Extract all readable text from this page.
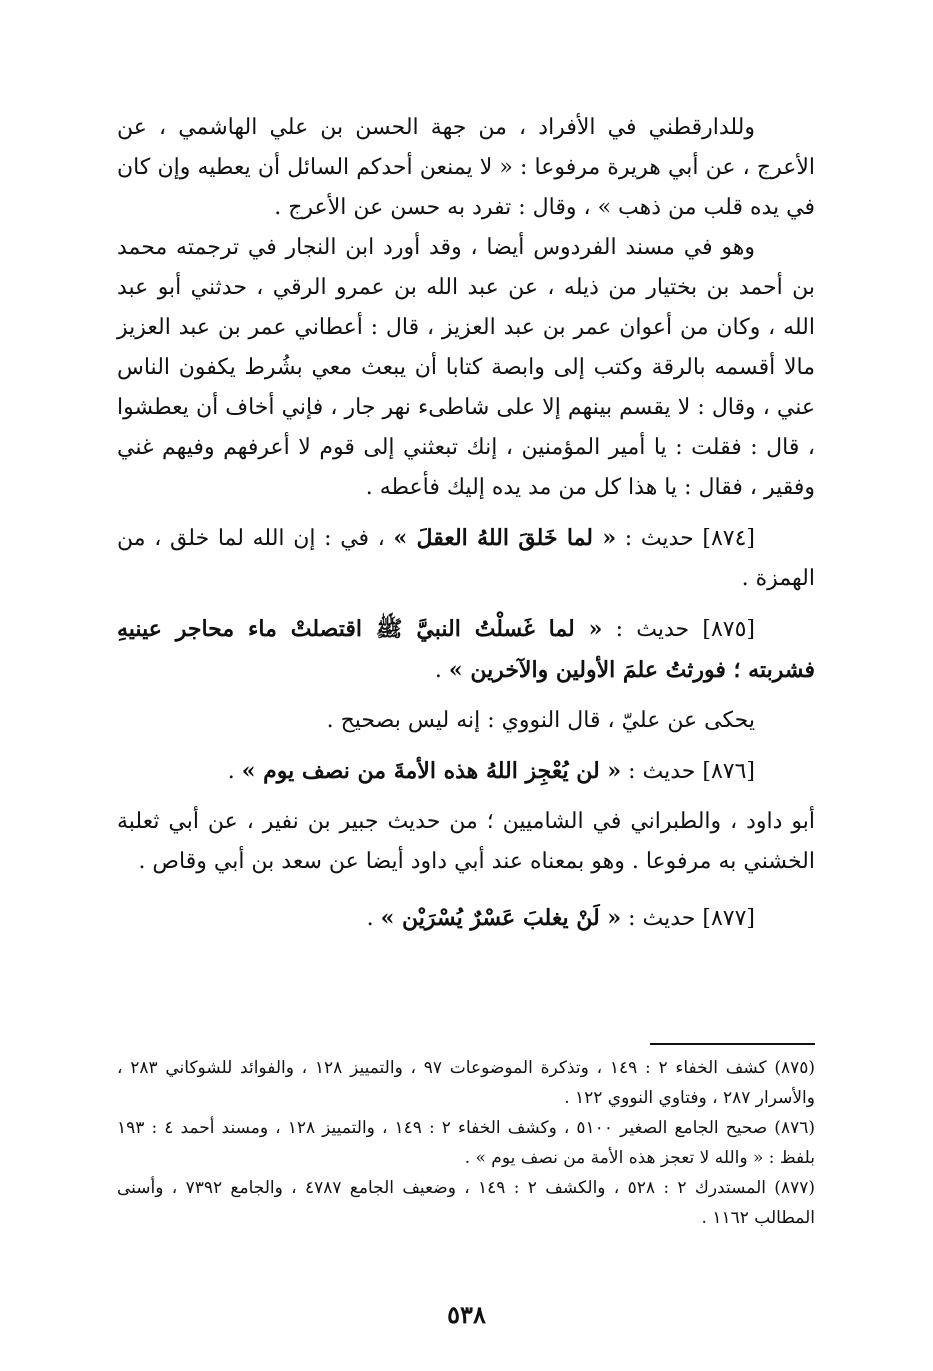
وللدارقطني في الأفراد ، من جهة الحسن بن علي الهاشمي ، عن الأعرج ، عن أبي هريرة مرفوعا : « لا يمنعن أحدكم السائل أن يعطيه وإن كان في يده قلب من ذهب » ، وقال : تفرد به حسن عن الأعرج .

وهو في مسند الفردوس أيضا ، وقد أورد ابن النجار في ترجمته محمد بن أحمد بن بختيار من ذيله ، عن عبد الله بن عمرو الرقي ، حدثني أبو عبد الله ، وكان من أعوان عمر بن عبد العزيز ، قال : أعطاني عمر بن عبد العزيز مالا أقسمه بالرقة وكتب إلى وابصة كتابا أن يبعث معي بشُرط يكفون الناس عني ، وقال : لا يقسم بينهم إلا على شاطىء نهر جار ، فإني أخاف أن يعطشوا ، قال : فقلت : يا أمير المؤمنين ، إنك تبعثني إلى قوم لا أعرفهم وفيهم غني وفقير ، فقال : يا هذا كل من مد يده إليك فأعطه .

[٨٧٤] حديث : « لما خَلقَ اللهُ العقلَ » ، في : إن الله لما خلق ، من الهمزة .

[٨٧٥] حديث : « لما غَسلْتُ النبيَّ ﷺ اقتصلتْ ماء محاجر عينيهِ فشربته ؛ فورثتُ علمَ الأولين والآخرين » .

يحكى عن عليّ ، قال النووي : إنه ليس بصحيح .

[٨٧٦] حديث : « لن يُعْجِز اللهُ هذه الأمةَ من نصف يوم » .

أبو داود ، والطبراني في الشاميين ؛ من حديث جبير بن نفير ، عن أبي ثعلبة الخشني به مرفوعا . وهو بمعناه عند أبي داود أيضا عن سعد بن أبي وقاص .

[٨٧٧] حديث : « لَنْ يغلبَ عَسْرٌ يُسْرَيْن » .

(٨٧٥) كشف الخفاء ٢ : ١٤٩ ، وتذكرة الموضوعات ٩٧ ، والتمييز ١٢٨ ، والفوائد للشوكاني ٢٨٣ ، والأسرار ٢٨٧ ، وفتاوي النووي ١٢٢ .

(٨٧٦) صحيح الجامع الصغير ٥١٠٠ ، وكشف الخفاء ٢ : ١٤٩ ، والتمييز ١٢٨ ، ومسند أحمد ٤ : ١٩٣ بلفظ : « والله لا تعجز هذه الأمة من نصف يوم » .

(٨٧٧) المستدرك ٢ : ٥٢٨ ، والكشف ٢ : ١٤٩ ، وضعيف الجامع ٤٧٨٧ ، والجامع ٧٣٩٢ ، وأسنى المطالب ١١٦٢ .

٥٣٨
